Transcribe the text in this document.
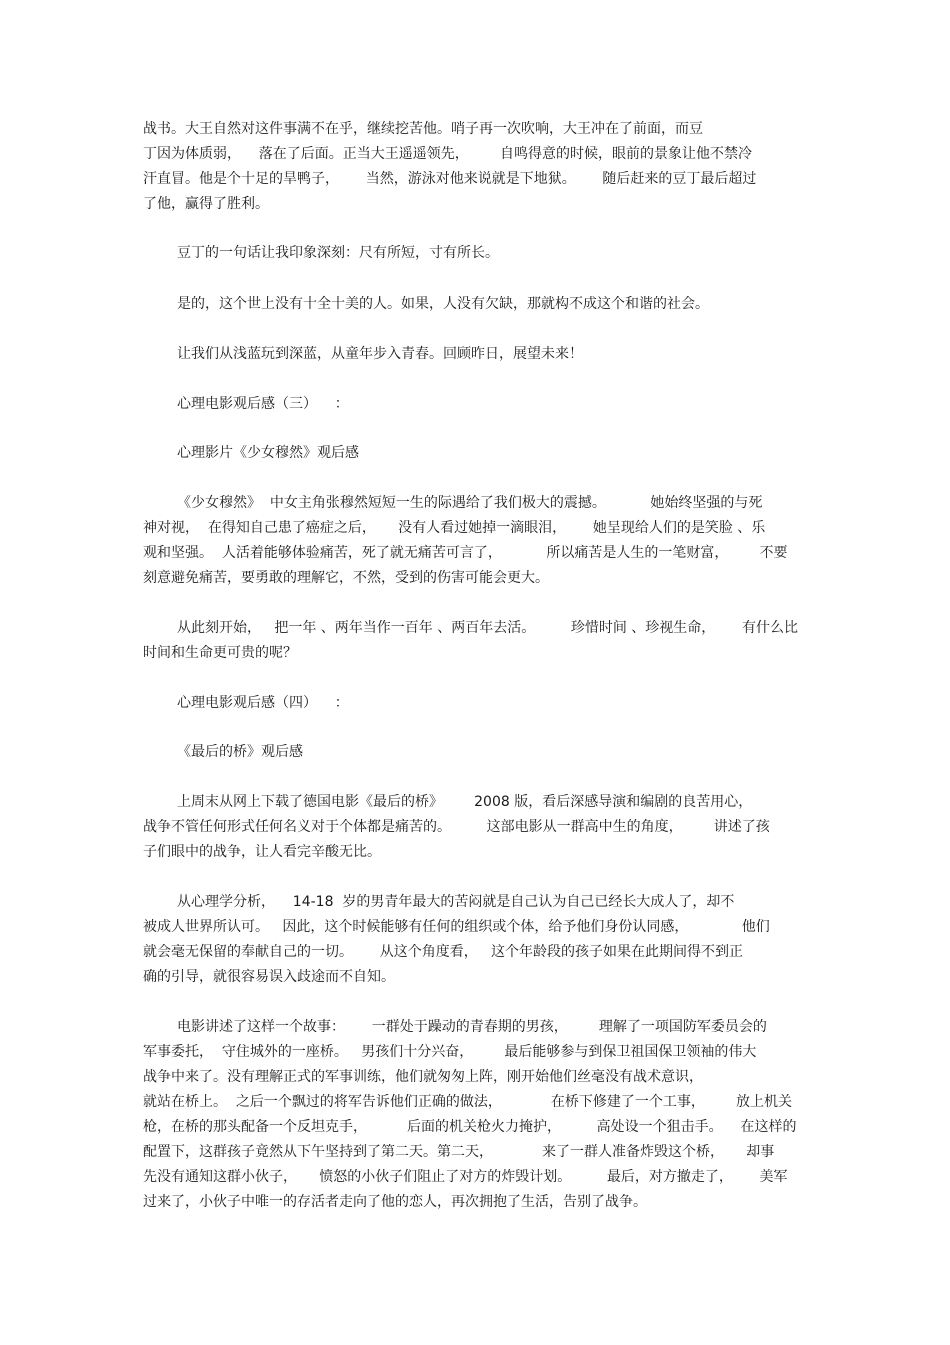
战书。大王自然对这件事满不在乎，继续挖苦他。哨子再一次吹响，大王冲在了前面，而豆
丁因为体质弱，    落在了后面。正当大王遥遥领先，       自鸣得意的时候，眼前的景象让他不禁冷
汗直冒。他是个十足的旱鸭子，      当然，游泳对他来说就是下地狱。      随后赶来的豆丁最后超过
了他，赢得了胜利。
豆丁的一句话让我印象深刻：尺有所短，寸有所长。
是的，这个世上没有十全十美的人。如果，人没有欠缺，那就构不成这个和谐的社会。
让我们从浅蓝玩到深蓝，从童年步入青春。回顾昨日，展望未来！
心理电影观后感（三）    ：
心理影片《少女穆然》观后感
《少女穆然》  中女主角张穆然短短一生的际遇给了我们极大的震撼。          她始终坚强的与死
神对视，  在得知自己患了癌症之后，     没有人看过她掉一滴眼泪，      她呈现给人们的是笑脸 、乐
观和坚强。  人活着能够体验痛苦，死了就无痛苦可言了，          所以痛苦是人生的一笔财富，       不要
刻意避免痛苦，要勇敢的理解它，不然，受到的伤害可能会更大。
从此刻开始，   把一年 、两年当作一百年 、两百年去活。        珍惜时间 、珍视生命，      有什么比
时间和生命更可贵的呢？
心理电影观后感（四）    ：
《最后的桥》观后感
上周末从网上下载了德国电影《最后的桥》       2008 版，看后深感导演和编剧的良苦用心，
战争不管任何形式任何名义对于个体都是痛苦的。        这部电影从一群高中生的角度，       讲述了孩
子们眼中的战争，让人看完辛酸无比。
从心理学分析，    14-18  岁的男青年最大的苦闷就是自己认为自己已经长大成人了，却不
被成人世界所认可。   因此，这个时候能够有任何的组织或个体，给予他们身份认同感，            他们
就会毫无保留的奉献自己的一切。      从这个角度看，   这个年龄段的孩子如果在此期间得不到正
确的引导，就很容易误入歧途而不自知。
电影讲述了这样一个故事：      一群处于躁动的青春期的男孩，       理解了一项国防军委员会的
军事委托，  守住城外的一座桥。   男孩们十分兴奋，       最后能够参与到保卫祖国保卫领袖的伟大
战争中来了。没有理解正式的军事训练，他们就匆匆上阵，刚开始他们丝毫没有战术意识，
就站在桥上。  之后一个飘过的将军告诉他们正确的做法，           在桥下修建了一个工事，       放上机关
枪，在桥的那头配备一个反坦克手，         后面的机关枪火力掩护，        高处设一个狙击手。    在这样的
配置下，这群孩子竟然从下午坚持到了第二天。第二天，           来了一群人准备炸毁这个桥，     却事
先没有通知这群小伙子，     愤怒的小伙子们阻止了对方的炸毁计划。        最后，对方撤走了，      美军
过来了，小伙子中唯一的存活者走向了他的恋人，再次拥抱了生活，告别了战争。
